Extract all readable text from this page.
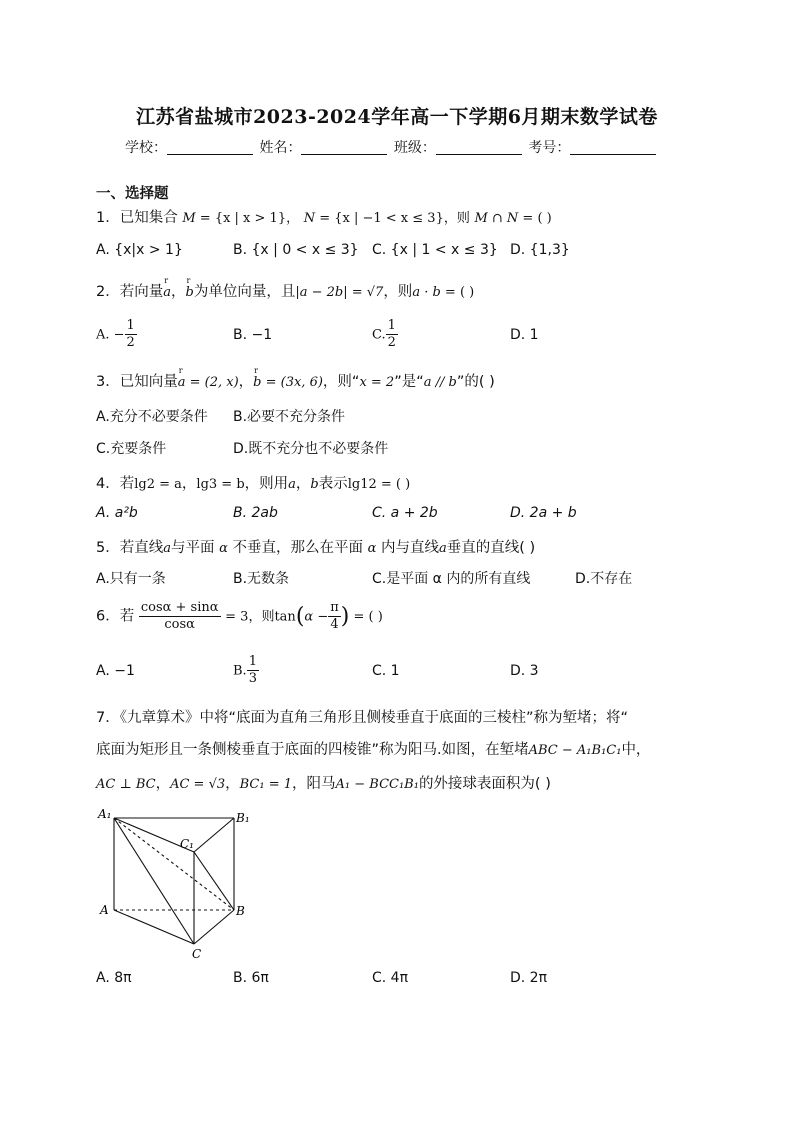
江苏省盐城市2023-2024学年高一下学期6月期末数学试卷
学校：	姓名：	班级：	考号：
一、选择题
1．已知集合 M = {x | x > 1}， N = {x | −1 < x ≤ 3}，则 M ∩ N = ( )
A. {x|x > 1}	B. {x | 0 < x ≤ 3} C. {x | 1 < x ≤ 3} D. {1,3}
2．若向量r a，r b为单位向量，且|a − 2b| = √7，则a · b = ( )
A. − $\frac{1}{2}$	B. −1	C. $\frac{1}{2}$	D. 1
3．已知向量r a = (2, x)，r b = (3x, 6)，则“x = 2”是“a // b”的( )
A.充分不必要条件 B.必要不充分条件
C.充要条件	D.既不充分也不必要条件
4．若lg2 = a，lg3 = b，则用a，b表示lg12 = ( )
A. a²b	B. 2ab	C. a + 2b	D. 2a + b
5．若直线a与平面 α 不垂直，那么在平面 α 内与直线a垂直的直线( )
A.只有一条	B.无数条	C.是平面 α 内的所有直线	D.不存在
6．若 $\frac{\cos\alpha + \sin\alpha}{\cos\alpha} = 3$，则$\tan(\alpha - \frac{\pi}{4}$ ) = ( )
A. −1	B. $\frac{1}{3}$	C. 1	D. 3
7．《九章算术》中将“底面为直角三角形且侧棱垂直于底面的三棱柱”称为堑堵；将“
底面为矩形且一条侧棱垂直于底面的四棱锥”称为阳马.如图，在堑堵ABC − A₁B₁C₁中，
AC ⊥ BC，AC = √3，BC₁ = 1，阳马A₁ − BCC₁B₁的外接球表面积为( )
A₁	B₁
C₁
A	B
C
A. 8π	B. 6π	C. 4π	D. 2π
